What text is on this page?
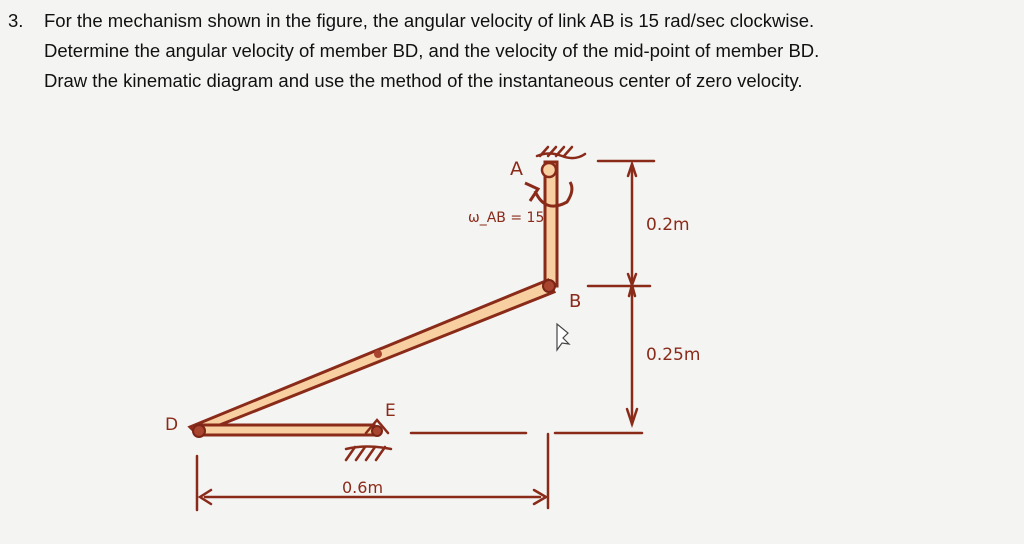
3. For the mechanism shown in the figure, the angular velocity of link AB is 15 rad/sec clockwise.
Determine the angular velocity of member BD, and the velocity of the mid-point of member BD.
Draw the kinematic diagram and use the method of the instantaneous center of zero velocity.
A
B
D
E
ω_AB = 15	0.2m
0.25m
0.6m
